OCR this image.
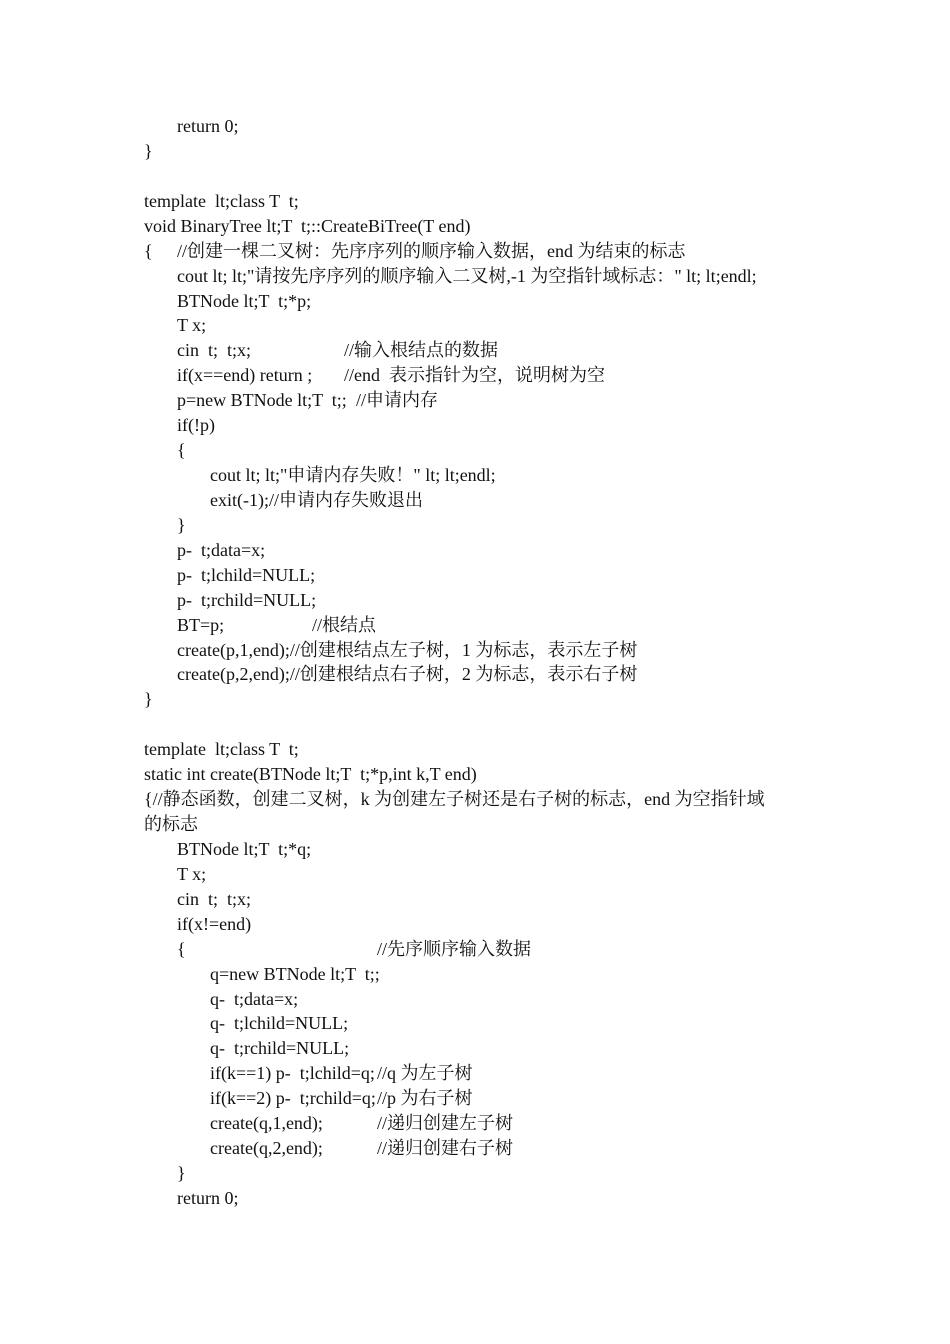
return 0;
}
template  lt;class T  t;
void BinaryTree lt;T  t;::CreateBiTree(T end)
{ //创建一棵二叉树：先序序列的顺序输入数据，end 为结束的标志
cout lt; lt;"请按先序序列的顺序输入二叉树,-1 为空指针域标志：" lt; lt;endl;
BTNode lt;T  t;*p;
T x;
cin  t;  t;x;	//输入根结点的数据
if(x==end) return ; //end  表示指针为空，说明树为空
p=new BTNode lt;T  t;; //申请内存
if(!p)
{
cout lt; lt;"申请内存失败！" lt; lt;endl;
exit(-1);//申请内存失败退出
}
p-  t;data=x;
p-  t;lchild=NULL;
p-  t;rchild=NULL;
BT=p;	//根结点
create(p,1,end);//创建根结点左子树，1 为标志，表示左子树
create(p,2,end);//创建根结点右子树，2 为标志，表示右子树
}
template  lt;class T  t;
static int create(BTNode lt;T  t;*p,int k,T end)
{//静态函数，创建二叉树，k 为创建左子树还是右子树的标志，end 为空指针域
的标志
BTNode lt;T  t;*q;
T x;
cin  t;  t;x;
if(x!=end)
{	//先序顺序输入数据
q=new BTNode lt;T  t;;
q-  t;data=x;
q-  t;lchild=NULL;
q-  t;rchild=NULL;
if(k==1) p-  t;lchild=q; //q 为左子树
if(k==2) p-  t;rchild=q; //p 为右子树
create(q,1,end);	//递归创建左子树
create(q,2,end);	//递归创建右子树
}
return 0;
